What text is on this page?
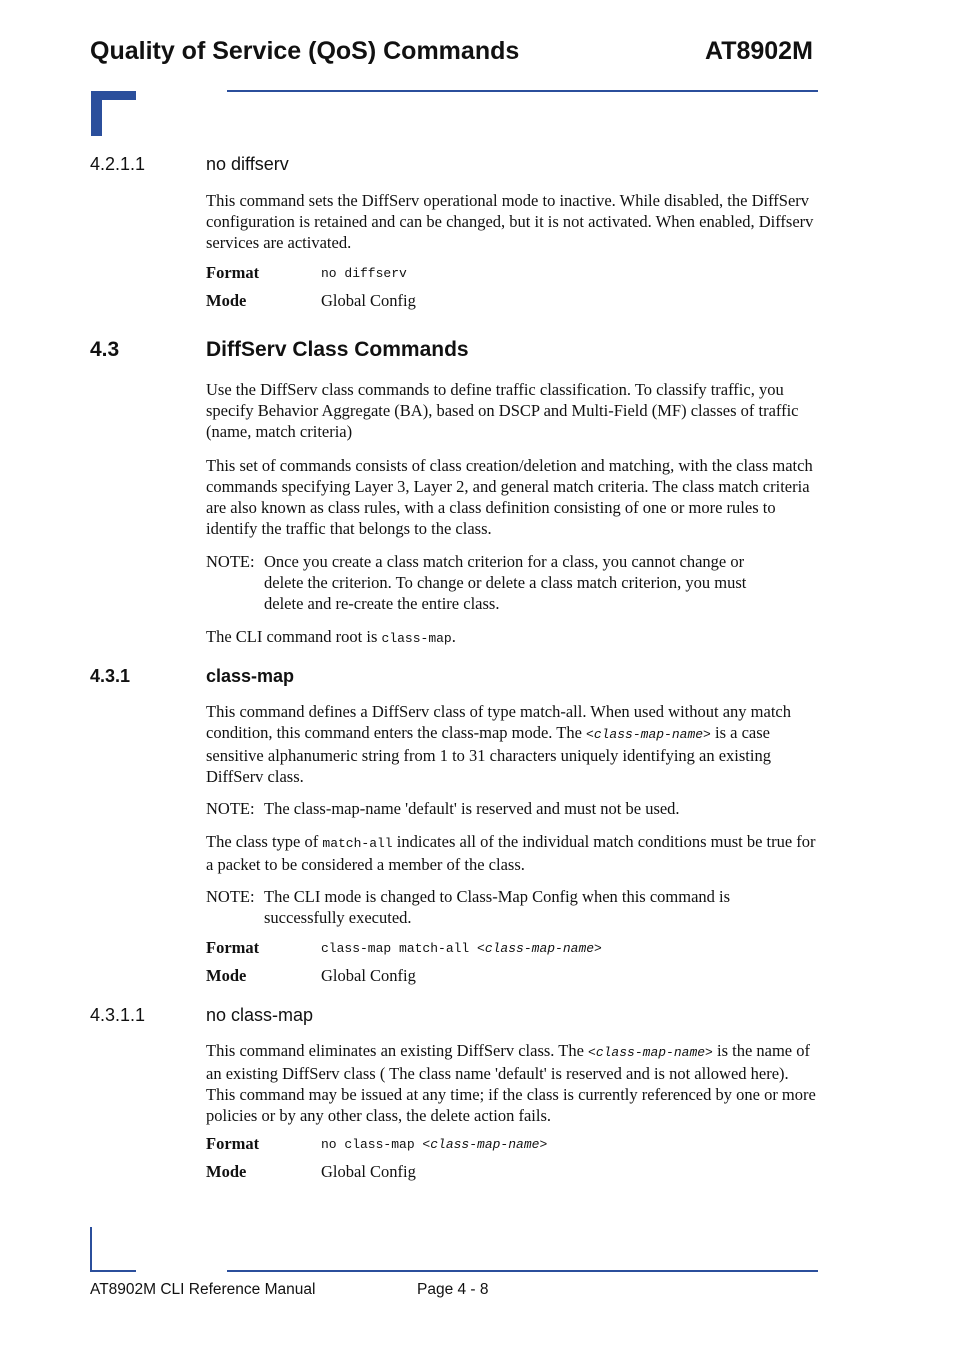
Quality of Service (QoS) Commands	AT8902M
4.2.1.1	no diffserv

This command sets the DiffServ operational mode to inactive. While disabled, the DiffServ configuration is retained and can be changed, but it is not activated. When enabled, Diffserv services are activated.

Format	no diffserv
Mode	Global Config
4.3	DiffServ Class Commands

Use the DiffServ class commands to define traffic classification. To classify traffic, you specify Behavior Aggregate (BA), based on DSCP and Multi-Field (MF) classes of traffic (name, match criteria)

This set of commands consists of class creation/deletion and matching, with the class match commands specifying Layer 3, Layer 2, and general match criteria. The class match criteria are also known as class rules, with a class definition consisting of one or more rules to identify the traffic that belongs to the class.

NOTE: Once you create a class match criterion for a class, you cannot change or delete the criterion. To change or delete a class match criterion, you must delete and re-create the entire class.

The CLI command root is class-map.

4.3.1	class-map

This command defines a DiffServ class of type match-all. When used without any match condition, this command enters the class-map mode. The <class-map-name> is a case sensitive alphanumeric string from 1 to 31 characters uniquely identifying an existing DiffServ class.

NOTE: The class-map-name 'default' is reserved and must not be used.

The class type of match-all indicates all of the individual match conditions must be true for a packet to be considered a member of the class.

NOTE: The CLI mode is changed to Class-Map Config when this command is successfully executed.
Format	class-map match-all <class-map-name>
Mode	Global Config
4.3.1.1	no class-map

This command eliminates an existing DiffServ class. The <class-map-name> is the name of an existing DiffServ class ( The class name 'default' is reserved and is not allowed here). This command may be issued at any time; if the class is currently referenced by one or more policies or by any other class, the delete action fails.

Format	no class-map <class-map-name>
Mode	Global Config
AT8902M CLI Reference Manual	Page 4 - 8
